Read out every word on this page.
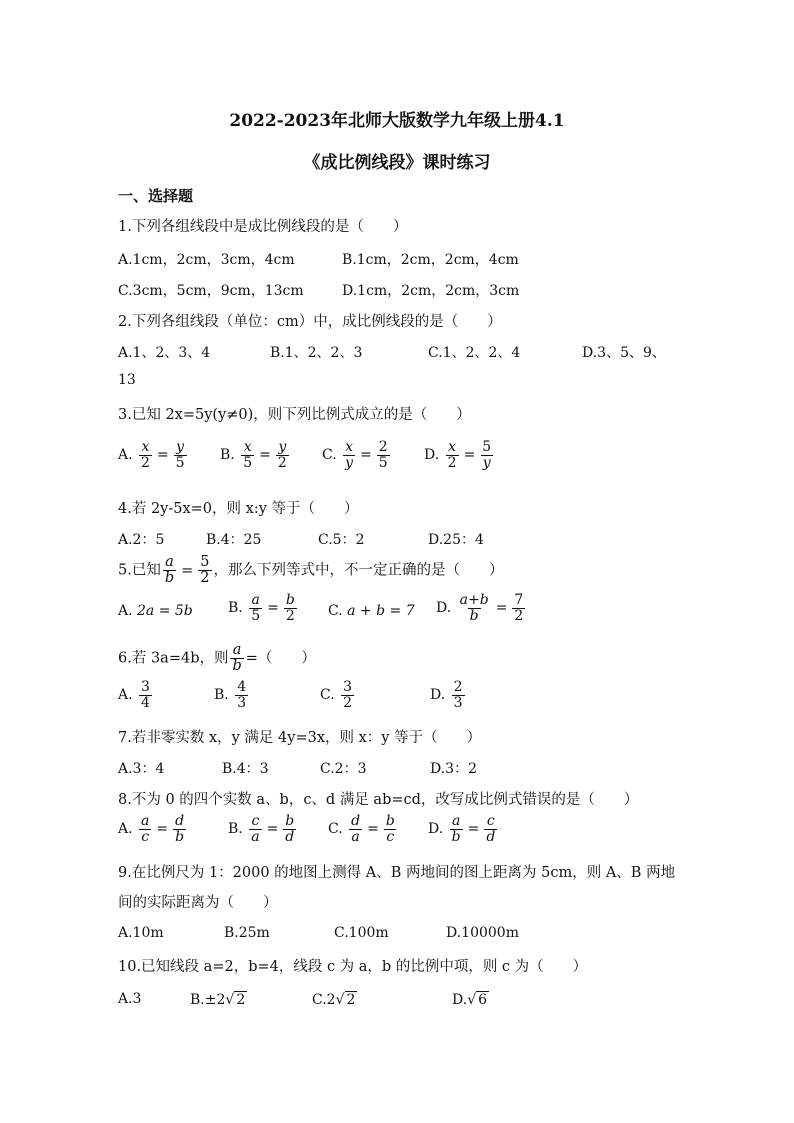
2022-2023年北师大版数学九年级上册4.1
《成比例线段》课时练习
一、选择题
1.下列各组线段中是成比例线段的是（　　）
A.1cm，2cm，3cm，4cm	B.1cm，2cm，2cm，4cm
C.3cm，5cm，9cm，13cm	D.1cm，2cm，2cm，3cm
2.下列各组线段（单位：cm）中，成比例线段的是（　　）
A.1、2、3、4	B.1、2、2、3	C.1、2、2、4	D.3、5、9、
13
3.已知 2x=5y(y≠0)，则下列比例式成立的是（　　）
A. $\frac{x}{2} = \frac{y}{5} B$. $\frac{x}{5} = \frac{y}{2} C$. $\frac{x}{y} = \frac{2}{5} D$. $\frac{x}{2} = \frac{5}{y}$
4.若 2y-5x=0，则 x:y 等于（　　）
A.2：5	B.4：25	C.5：2	D.25：4
5.已知 $\frac{a}{b} = \frac{5}{2}$ ，那么下列等式中，不一定正确的是（　　）
A. 2a = 5b	B. $\frac{a}{5} = \frac{b}{2} C$. a + b = 7 D. $\frac{a+b}{b} = \frac{7}{2}$
6.若 3a=4b，则 $\frac{a}{b}$ =（　　）
A. $\frac{3}{4}$	B. $\frac{4}{3}$	C. $\frac{3}{2}$	D. $\frac{2}{3}$
7.若非零实数 x，y 满足 4y=3x，则 x：y 等于（　　）
A.3：4	B.4：3	C.2：3	D.3：2
8.不为 0 的四个实数 a、b，c、d 满足 ab=cd，改写成比例式错误的是（　　）
A. $\frac{a}{c} = \frac{d}{b}$	B. $\frac{c}{a} = \frac{b}{d} C$. $\frac{d}{a} = \frac{b}{c} D$. $\frac{a}{b} = \frac{c}{d}$
9.在比例尺为 1：2000 的地图上测得 A、B 两地间的图上距离为 5cm，则 A、B 两地
间的实际距离为（　　）
A.10m	B.25m	C.100m	D.10000m
10.已知线段 a=2，b=4，线段 c 为 a，b 的比例中项，则 c 为（　　）
A.3	B.±2√ 2	C.2√ 2	D.√ 6
